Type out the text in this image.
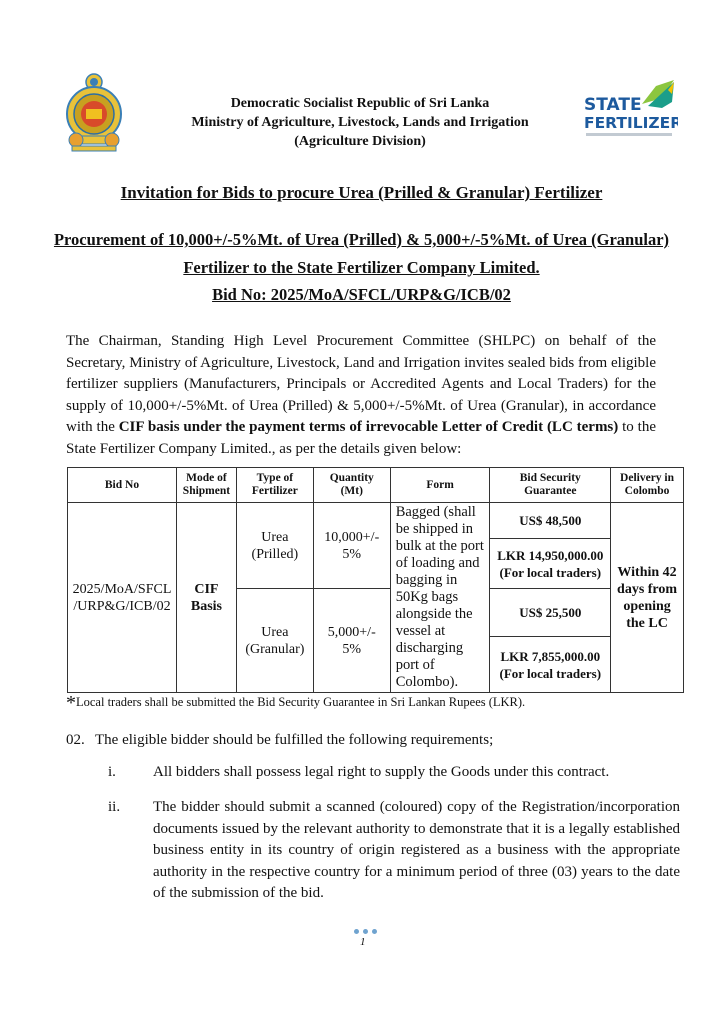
Democratic Socialist Republic of Sri Lanka
Ministry of Agriculture, Livestock, Lands and Irrigation
(Agriculture Division)
STATE
FERTILIZER
Invitation for Bids to procure Urea (Prilled & Granular) Fertilizer
Procurement of 10,000+/-5%Mt. of Urea (Prilled) & 5,000+/-5%Mt. of Urea (Granular)
Fertilizer to the State Fertilizer Company Limited.
Bid No: 2025/MoA/SFCL/URP&G/ICB/02
The Chairman, Standing High Level Procurement Committee (SHLPC) on behalf of the Secretary, Ministry of Agriculture, Livestock, Land and Irrigation invites sealed bids from eligible fertilizer suppliers (Manufacturers, Principals or Accredited Agents and Local Traders) for the supply of 10,000+/-5%Mt. of Urea (Prilled) & 5,000+/-5%Mt. of Urea (Granular), in accordance with the CIF basis under the payment terms of irrevocable Letter of Credit (LC terms) to the State Fertilizer Company Limited., as per the details given below:
Bid No	Mode of Shipment	Type of Fertilizer	Quantity (Mt)	Form	Bid Security Guarantee	Delivery in Colombo
2025/MoA/SFCL /URP&G/ICB/02	CIF Basis	Urea (Prilled)	10,000+/- 5%	Bagged (shall be shipped in bulk at the port of loading and bagging in 50Kg bags alongside the vessel at discharging port of Colombo).	US$ 48,500	Within 42 days from opening the LC
					LKR 14,950,000.00 (For local traders)	
		Urea (Granular)	5,000+/- 5%		US$ 25,500	
					LKR 7,855,000.00 (For local traders)	
*Local traders shall be submitted the Bid Security Guarantee in Sri Lankan Rupees (LKR).
02. The eligible bidder should be fulfilled the following requirements;
i. All bidders shall possess legal right to supply the Goods under this contract.
ii. The bidder should submit a scanned (coloured) copy of the Registration/incorporation documents issued by the relevant authority to demonstrate that it is a legally established business entity in its country of origin registered as a business with the appropriate authority in the respective country for a minimum period of three (03) years to the date of the submission of the bid.
1
